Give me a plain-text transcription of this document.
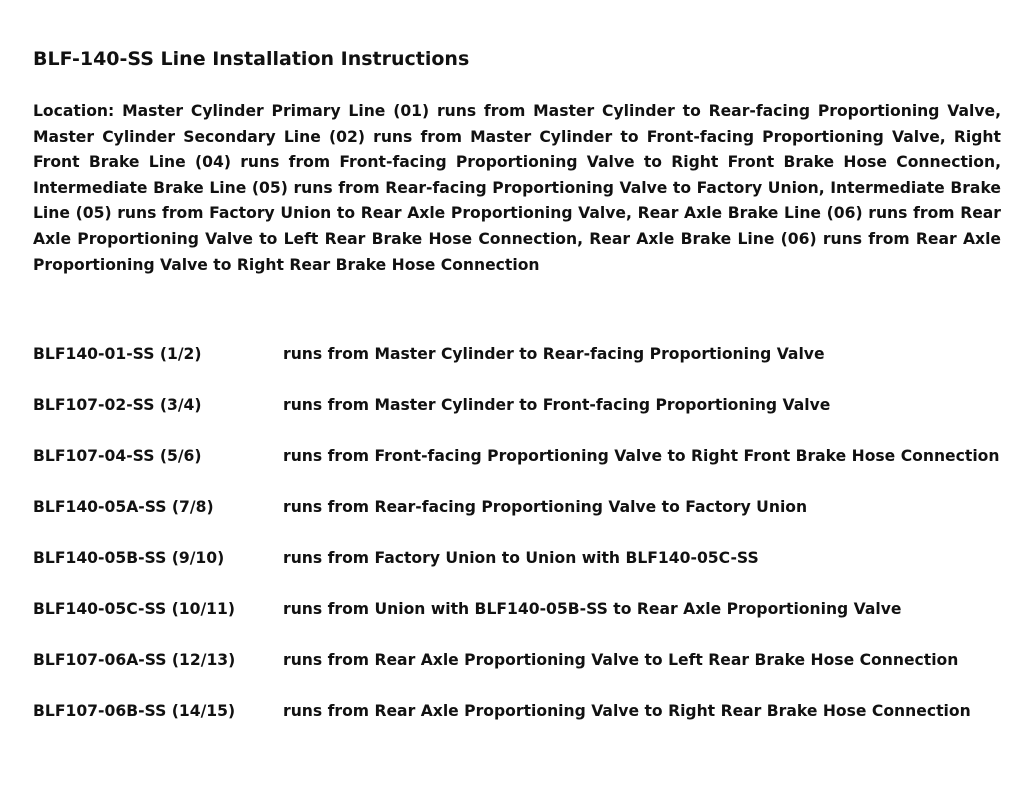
BLF-140-SS Line Installation Instructions

Location: Master Cylinder Primary Line (01) runs from Master Cylinder to Rear-facing Proportioning Valve, Master Cylinder Secondary Line (02) runs from Master Cylinder to Front-facing Proportioning Valve, Right Front Brake Line (04) runs from Front-facing Proportioning Valve to Right Front Brake Hose Connection, Intermediate Brake Line (05) runs from Rear-facing Proportioning Valve to Factory Union, Intermediate Brake Line (05) runs from Factory Union to Rear Axle Proportioning Valve, Rear Axle Brake Line (06) runs from Rear Axle Proportioning Valve to Left Rear Brake Hose Connection, Rear Axle Brake Line (06) runs from Rear Axle Proportioning Valve to Right Rear Brake Hose Connection

BLF140-01-SS (1/2)	runs from Master Cylinder to Rear-facing Proportioning Valve
BLF107-02-SS (3/4)	runs from Master Cylinder to Front-facing Proportioning Valve
BLF107-04-SS (5/6)	runs from Front-facing Proportioning Valve to Right Front Brake Hose Connection
BLF140-05A-SS (7/8)	runs from Rear-facing Proportioning Valve to Factory Union
BLF140-05B-SS (9/10)	runs from Factory Union to Union with BLF140-05C-SS
BLF140-05C-SS (10/11)	runs from Union with BLF140-05B-SS to Rear Axle Proportioning Valve
BLF107-06A-SS (12/13)	runs from Rear Axle Proportioning Valve to Left Rear Brake Hose Connection
BLF107-06B-SS (14/15)	runs from Rear Axle Proportioning Valve to Right Rear Brake Hose Connection
